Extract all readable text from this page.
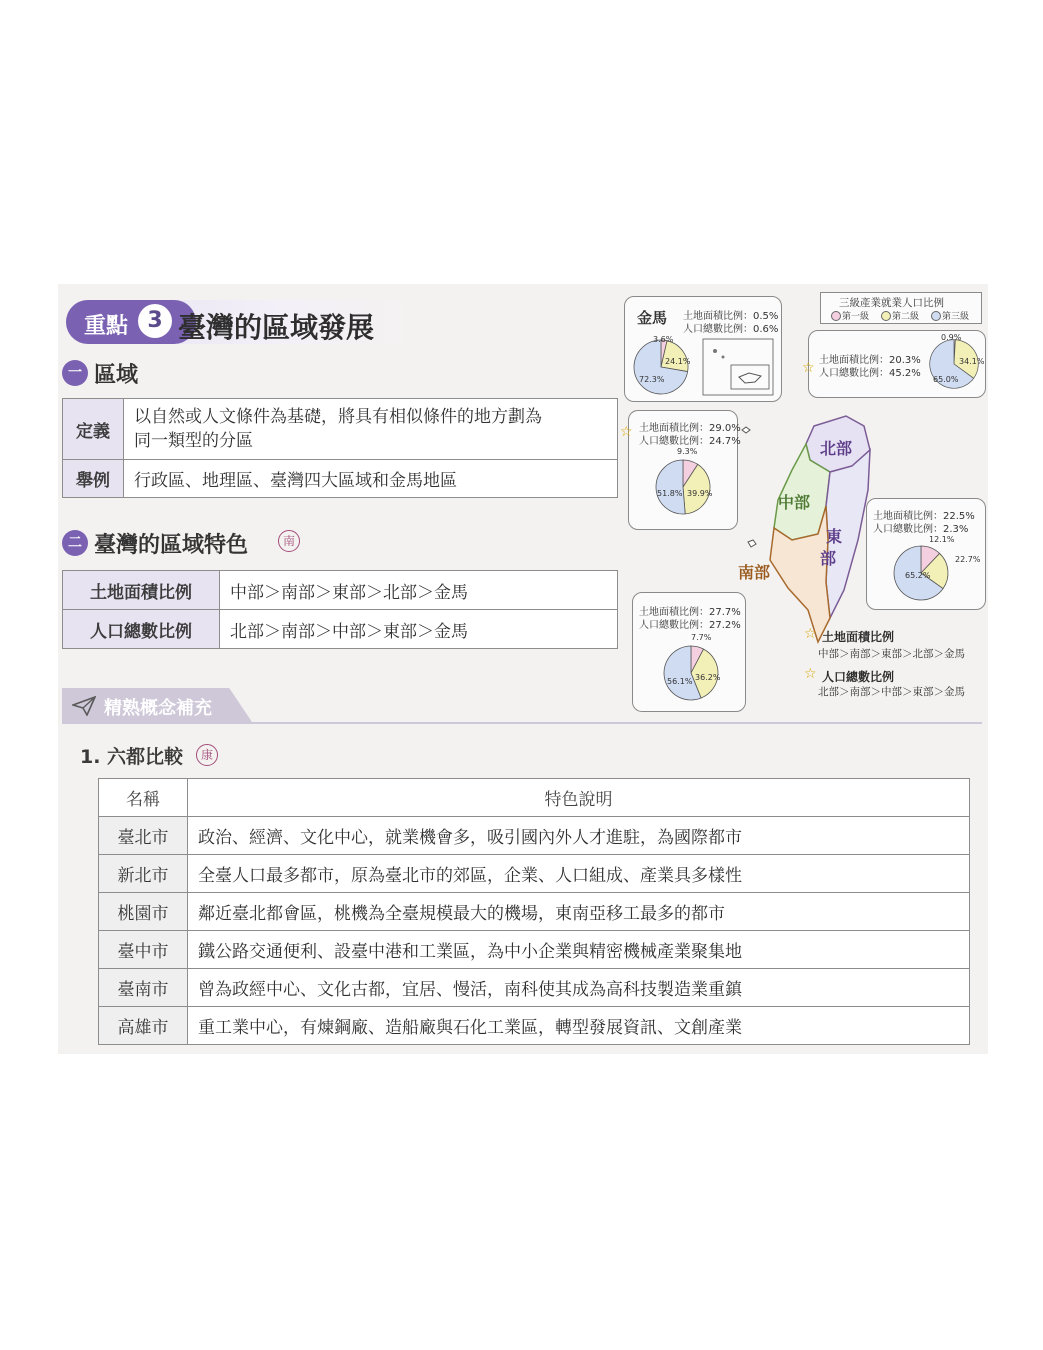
重點 3 臺灣的區域發展
一 區域
定義	以自然或人文條件為基礎，將具有相似條件的地方劃為
同一類型的分區

舉例	行政區、地理區、臺灣四大區域和金馬地區
二 臺灣的區域特色	南
土地面積比例	中部＞南部＞東部＞北部＞金馬
人口總數比例	北部＞南部＞中部＞東部＞金馬
精熟概念補充
1. 六都比較	康
名稱	特色說明
臺北市	政治、經濟、文化中心，就業機會多，吸引國內外人才進駐，為國際都市
新北市	全臺人口最多都市，原為臺北市的郊區，企業、人口組成、產業具多樣性
桃園市	鄰近臺北都會區，桃機為全臺規模最大的機場，東南亞移工最多的都市
臺中市	鐵公路交通便利、設臺中港和工業區，為中小企業與精密機械產業聚集地
臺南市	曾為政經中心、文化古都，宜居、慢活，南科使其成為高科技製造業重鎮
高雄市	重工業中心，有煉鋼廠、造船廠與石化工業區，轉型發展資訊、文創產業
北部
中部
東
部
南部
金馬 土地面積比例：0.5%
人口總數比例：0.6%
3.6%
24.1%
72.3%
三級產業就業人口比例
第一級	第二級	第三級
土地面積比例：20.3%
人口總數比例：45.2%
0.9%
34.1%
65.0%
☆
土地面積比例：29.0%
人口總數比例：24.7%
9.3%
39.9%
51.8%
☆
土地面積比例：22.5%
人口總數比例：2.3%
12.1%
22.7%
65.2%
土地面積比例：27.7%
人口總數比例：27.2%
7.7%
36.2%
56.1%
☆ 土地面積比例
中部＞南部＞東部＞北部＞金馬
☆ 人口總數比例
北部＞南部＞中部＞東部＞金馬
